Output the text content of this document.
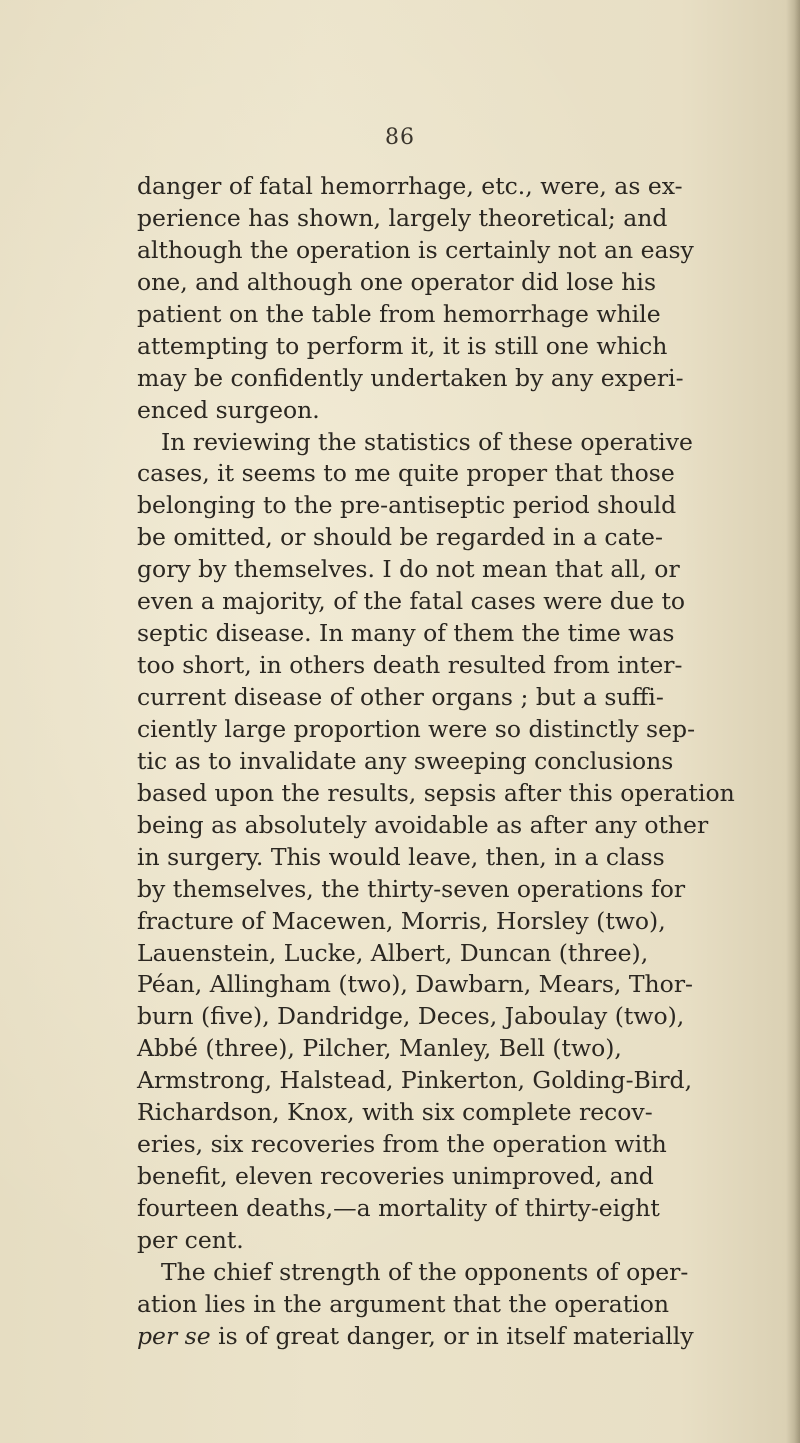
86
danger of fatal hemorrhage, etc., were, as ex-
perience has shown, largely theoretical; and
although the operation is certainly not an easy
one, and although one operator did lose his
patient on the table from hemorrhage while
attempting to perform it, it is still one which
may be confidently undertaken by any experi-
enced surgeon.
In reviewing the statistics of these operative
cases, it seems to me quite proper that those
belonging to the pre-antiseptic period should
be omitted, or should be regarded in a cate-
gory by themselves. I do not mean that all, or
even a majority, of the fatal cases were due to
septic disease. In many of them the time was
too short, in others death resulted from inter-
current disease of other organs ; but a suffi-
ciently large proportion were so distinctly sep-
tic as to invalidate any sweeping conclusions
based upon the results, sepsis after this operation
being as absolutely avoidable as after any other
in surgery. This would leave, then, in a class
by themselves, the thirty-seven operations for
fracture of Macewen, Morris, Horsley (two),
Lauenstein, Lucke, Albert, Duncan (three),
Péan, Allingham (two), Dawbarn, Mears, Thor-
burn (five), Dandridge, Deces, Jaboulay (two),
Abbé (three), Pilcher, Manley, Bell (two),
Armstrong, Halstead, Pinkerton, Golding-Bird,
Richardson, Knox, with six complete recov-
eries, six recoveries from the operation with
benefit, eleven recoveries unimproved, and
fourteen deaths,—a mortality of thirty-eight
per cent.
The chief strength of the opponents of oper-
ation lies in the argument that the operation
per se is of great danger, or in itself materially
